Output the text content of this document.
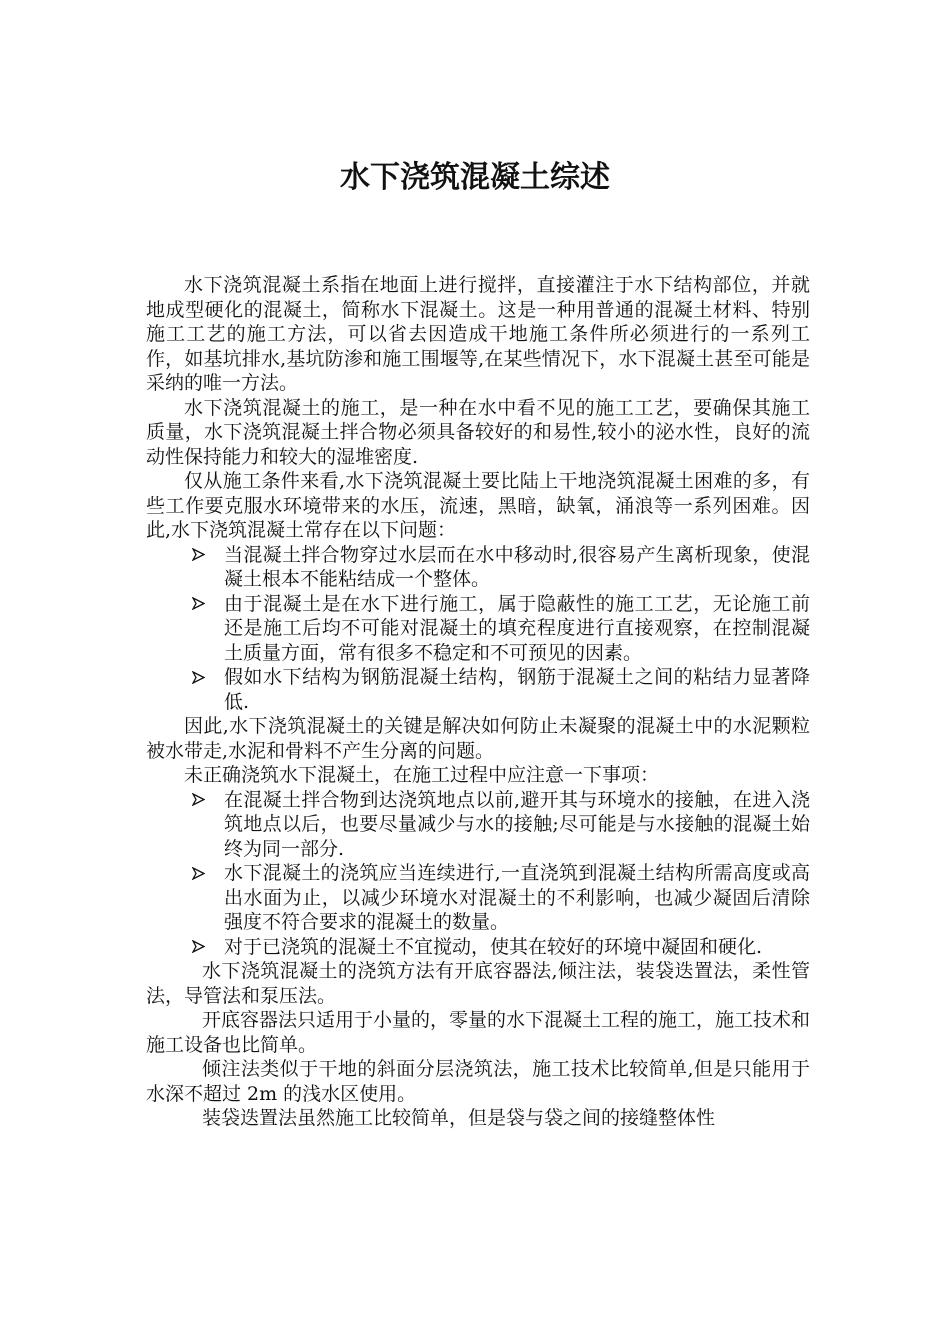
水下浇筑混凝土综述

水下浇筑混凝土系指在地面上进行搅拌，直接灌注于水下结构部位，并就地成型硬化的混凝土，简称水下混凝土。这是一种用普通的混凝土材料、特别施工工艺的施工方法，可以省去因造成干地施工条件所必须进行的一系列工作，如基坑排水,基坑防渗和施工围堰等,在某些情况下，水下混凝土甚至可能是采纳的唯一方法。

水下浇筑混凝土的施工，是一种在水中看不见的施工工艺，要确保其施工质量，水下浇筑混凝土拌合物必须具备较好的和易性,较小的泌水性，良好的流动性保持能力和较大的湿堆密度.

仅从施工条件来看,水下浇筑混凝土要比陆上干地浇筑混凝土困难的多，有些工作要克服水环境带来的水压，流速，黑暗，缺氧，涌浪等一系列困难。因此,水下浇筑混凝土常存在以下问题：

当混凝土拌合物穿过水层而在水中移动时,很容易产生离析现象，使混凝土根本不能粘结成一个整体。
由于混凝土是在水下进行施工，属于隐蔽性的施工工艺，无论施工前还是施工后均不可能对混凝土的填充程度进行直接观察，在控制混凝土质量方面，常有很多不稳定和不可预见的因素。
假如水下结构为钢筋混凝土结构，钢筋于混凝土之间的粘结力显著降低.

因此,水下浇筑混凝土的关键是解决如何防止未凝聚的混凝土中的水泥颗粒被水带走,水泥和骨料不产生分离的问题。

未正确浇筑水下混凝土，在施工过程中应注意一下事项：

在混凝土拌合物到达浇筑地点以前,避开其与环境水的接触，在进入浇筑地点以后，也要尽量减少与水的接触;尽可能是与水接触的混凝土始终为同一部分.
水下混凝土的浇筑应当连续进行,一直浇筑到混凝土结构所需高度或高出水面为止，以减少环境水对混凝土的不利影响，也减少凝固后清除强度不符合要求的混凝土的数量。
对于已浇筑的混凝土不宜搅动，使其在较好的环境中凝固和硬化.

水下浇筑混凝土的浇筑方法有开底容器法,倾注法，装袋迭置法，柔性管法，导管法和泵压法。

开底容器法只适用于小量的，零量的水下混凝土工程的施工，施工技术和施工设备也比简单。

倾注法类似于干地的斜面分层浇筑法，施工技术比较简单,但是只能用于水深不超过 2m 的浅水区使用。

装袋迭置法虽然施工比较简单，但是袋与袋之间的接缝整体性
